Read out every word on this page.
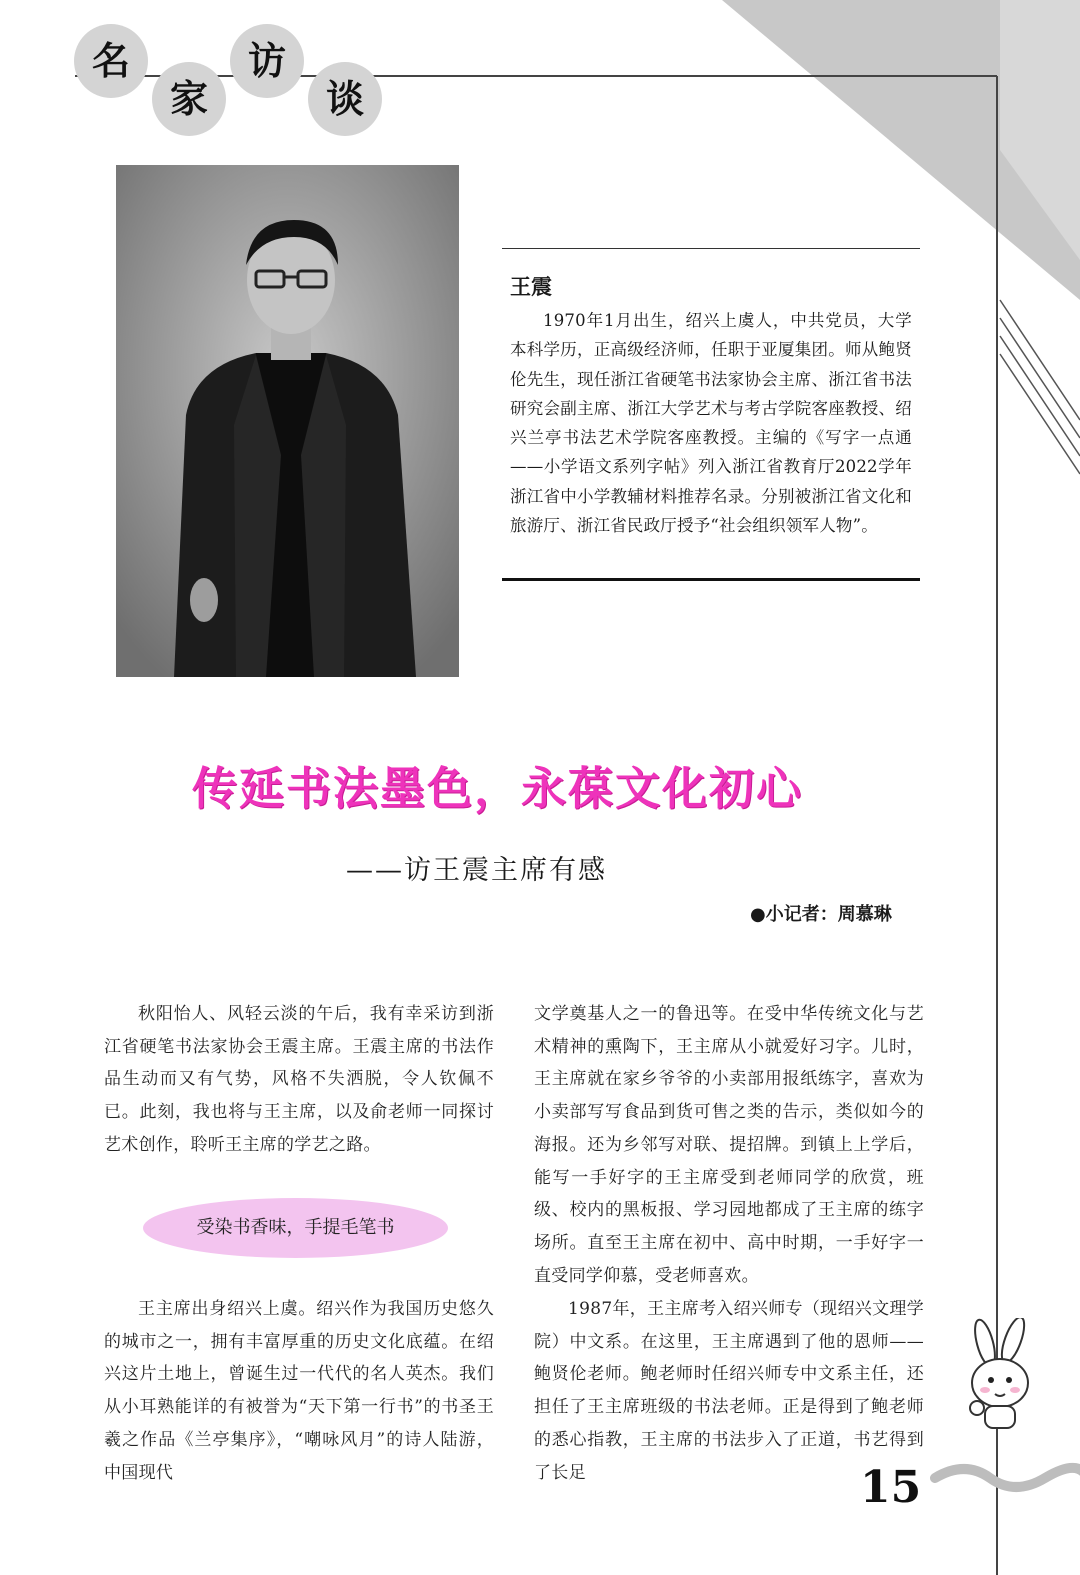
名
家
访
谈
王震
1970年1月出生，绍兴上虞人，中共党员，大学本科学历，正高级经济师，任职于亚厦集团。师从鲍贤伦先生，现任浙江省硬笔书法家协会主席、浙江省书法研究会副主席、浙江大学艺术与考古学院客座教授、绍兴兰亭书法艺术学院客座教授。主编的《写字一点通——小学语文系列字帖》列入浙江省教育厅2022学年浙江省中小学教辅材料推荐名录。分别被浙江省文化和旅游厅、浙江省民政厅授予“社会组织领军人物”。
传延书法墨色，永葆文化初心
——访王震主席有感
●小记者：周慕琳
秋阳怡人、风轻云淡的午后，我有幸采访到浙江省硬笔书法家协会王震主席。王震主席的书法作品生动而又有气势，风格不失洒脱，令人钦佩不已。此刻，我也将与王主席，以及俞老师一同探讨艺术创作，聆听王主席的学艺之路。
受染书香味，手提毛笔书
王主席出身绍兴上虞。绍兴作为我国历史悠久的城市之一，拥有丰富厚重的历史文化底蕴。在绍兴这片土地上，曾诞生过一代代的名人英杰。我们从小耳熟能详的有被誉为“天下第一行书”的书圣王羲之作品《兰亭集序》，“嘲咏风月”的诗人陆游，中国现代
文学奠基人之一的鲁迅等。在受中华传统文化与艺术精神的熏陶下，王主席从小就爱好习字。儿时，王主席就在家乡爷爷的小卖部用报纸练字，喜欢为小卖部写写食品到货可售之类的告示，类似如今的海报。还为乡邻写对联、提招牌。到镇上上学后，能写一手好字的王主席受到老师同学的欣赏，班级、校内的黑板报、学习园地都成了王主席的练字场所。直至王主席在初中、高中时期，一手好字一直受同学仰慕，受老师喜欢。
1987年，王主席考入绍兴师专（现绍兴文理学院）中文系。在这里，王主席遇到了他的恩师——鲍贤伦老师。鲍老师时任绍兴师专中文系主任，还担任了王主席班级的书法老师。正是得到了鲍老师的悉心指教，王主席的书法步入了正道，书艺得到了长足	15
